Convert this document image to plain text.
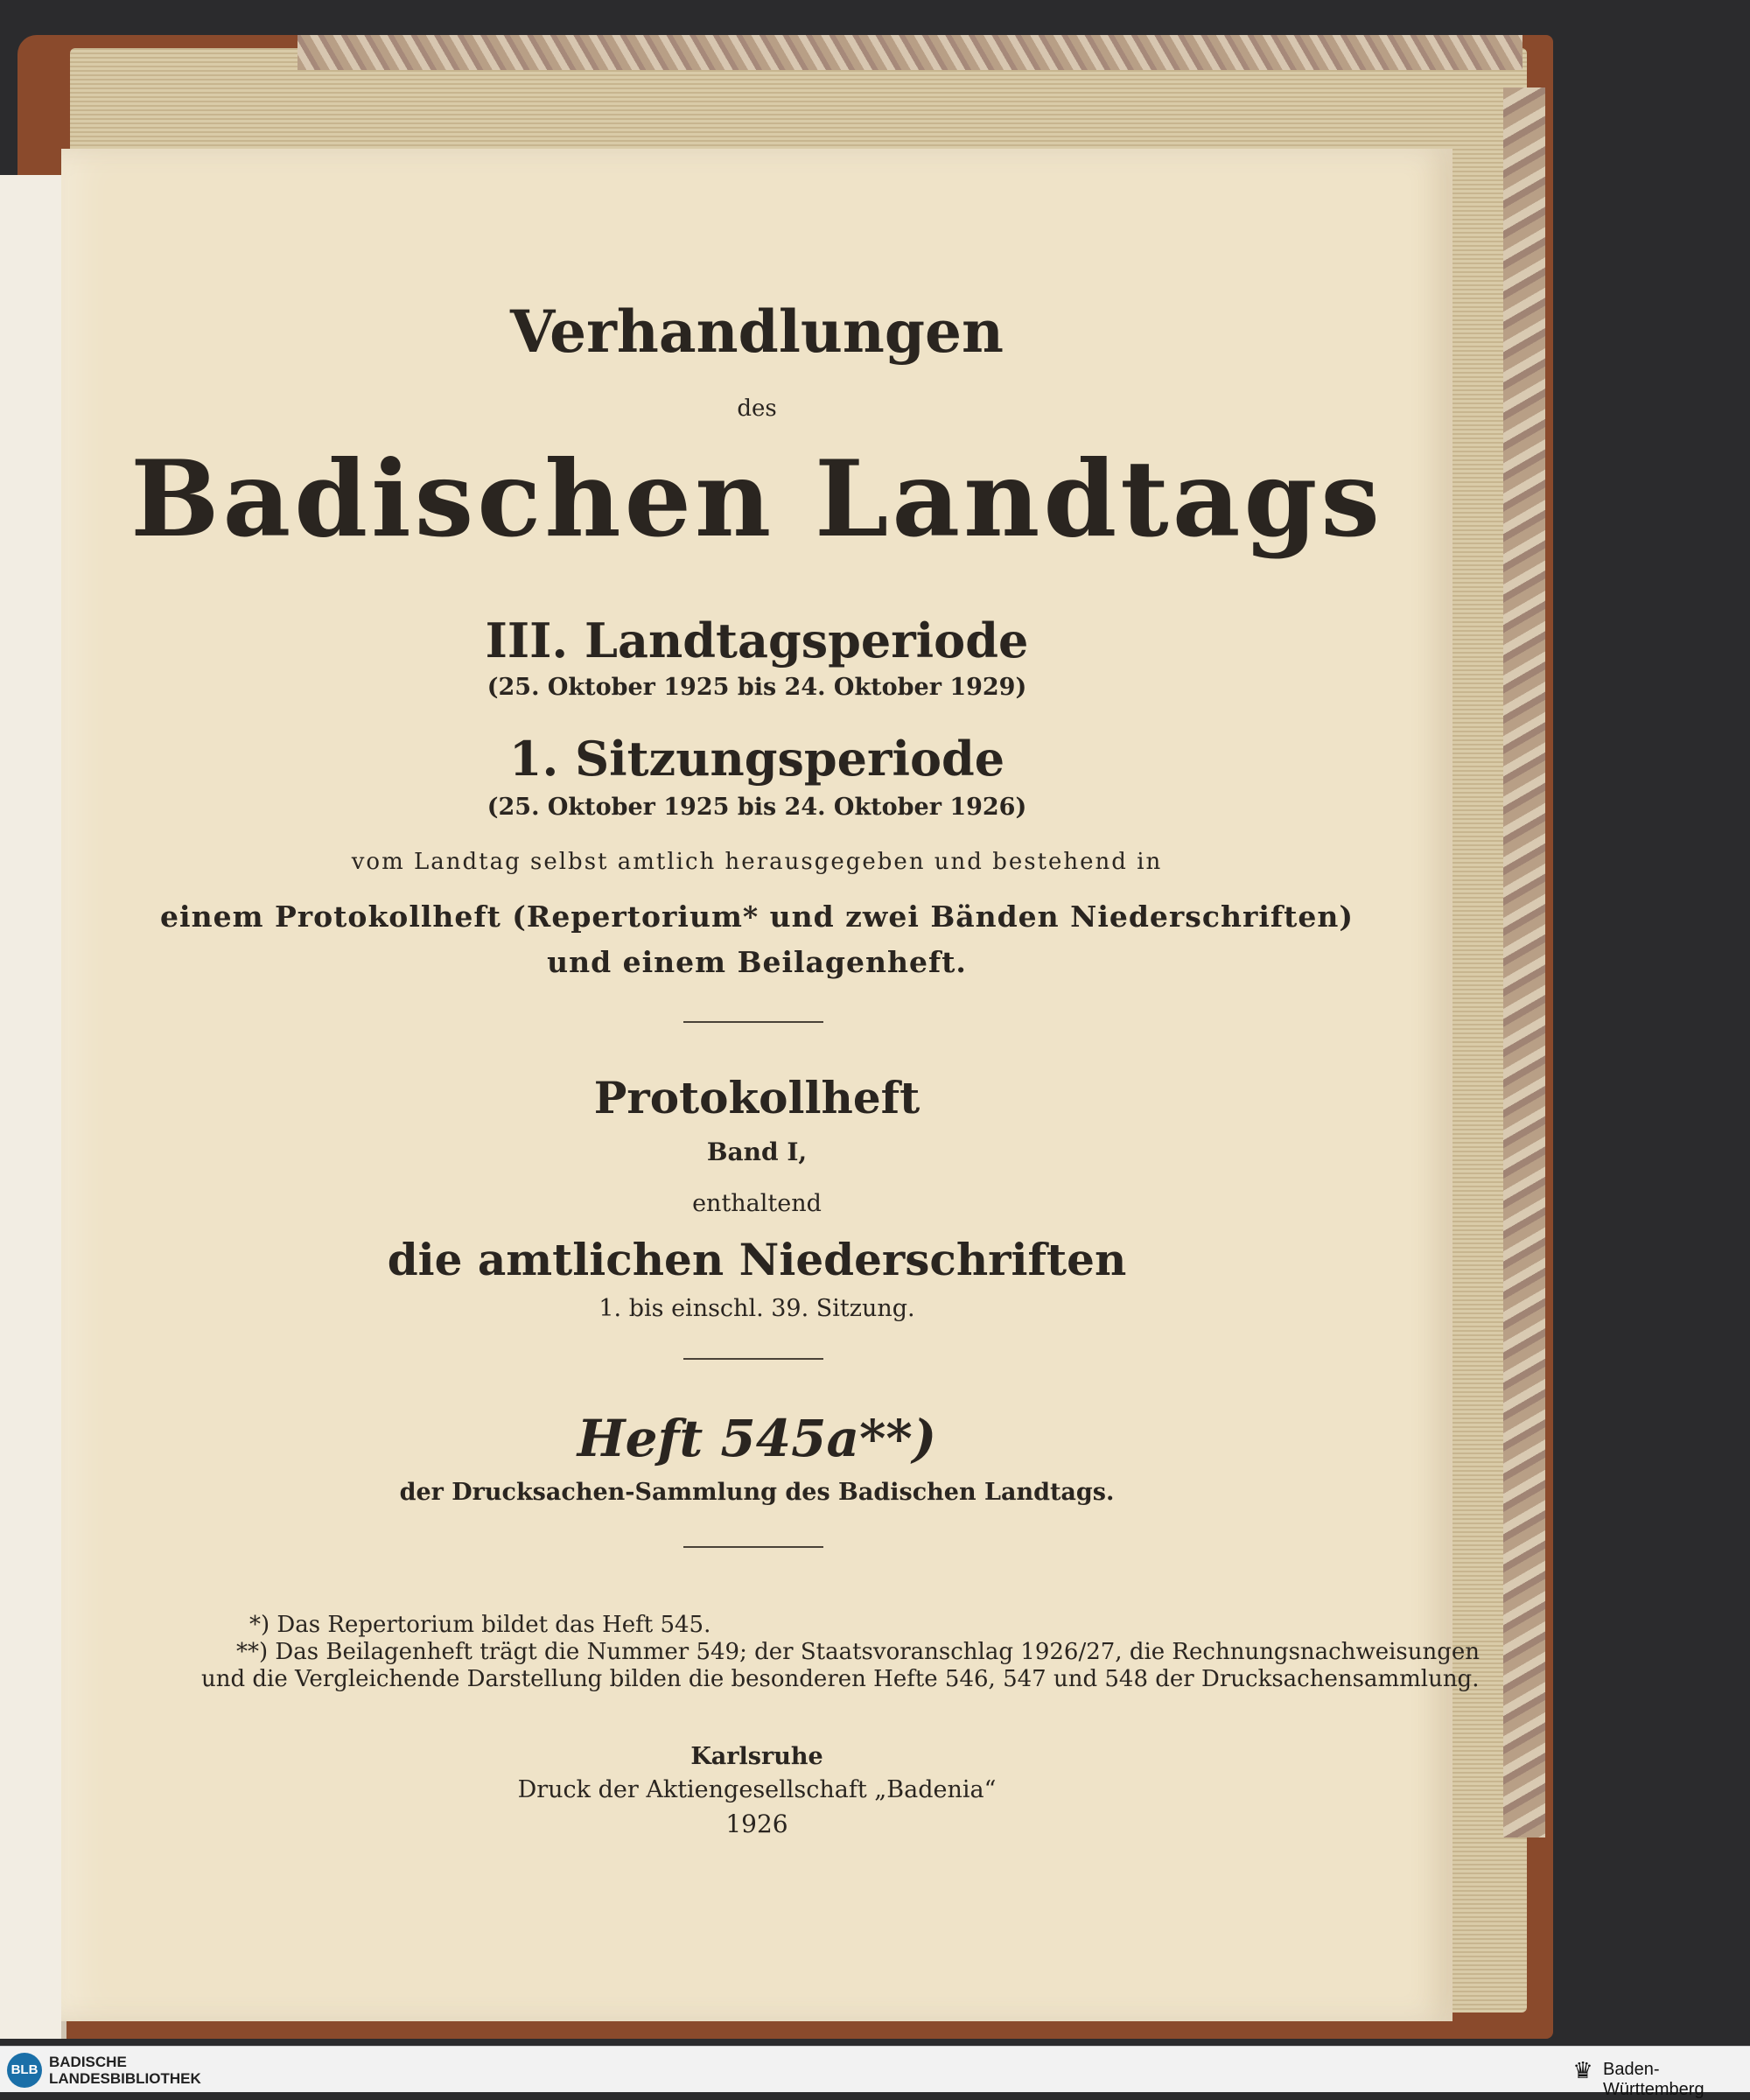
Verhandlungen
des
Badischen Landtags
III. Landtagsperiode
(25. Oktober 1925 bis 24. Oktober 1929)
1. Sitzungsperiode
(25. Oktober 1925 bis 24. Oktober 1926)
vom Landtag selbst amtlich herausgegeben und bestehend in
einem Protokollheft (Repertorium* und zwei Bänden Niederschriften)
und einem Beilagenheft.
Protokollheft
Band I,
enthaltend
die amtlichen Niederschriften
1. bis einschl. 39. Sitzung.
Heft 545a**)
der Drucksachen-Sammlung des Badischen Landtags.
*) Das Repertorium bildet das Heft 545.
**) Das Beilagenheft trägt die Nummer 549; der Staatsvoranschlag 1926/27, die Rechnungsnachweisungen
und die Vergleichende Darstellung bilden die besonderen Hefte 546, 547 und 548 der Drucksachensammlung.
Karlsruhe
Druck der Aktiengesellschaft „Badenia“
1926
BLB BADISCHE
LANDESBIBLIOTHEK	♛ Baden-Württemberg
